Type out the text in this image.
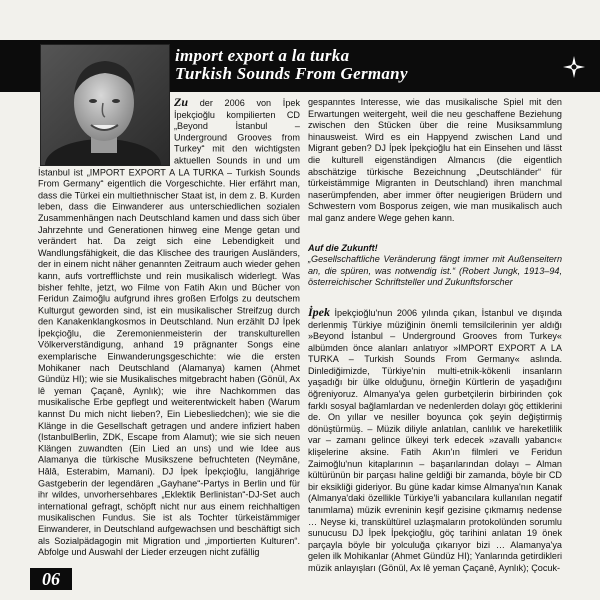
import export a la turka
Turkish Sounds From Germany

Zu der 2006 von İpek İpekçioğlu kompilierten CD „Beyond İstanbul – Underground Grooves from Turkey“ mit den wichtigsten aktuellen Sounds in und um İstanbul ist „IMPORT EXPORT A LA TURKA – Turkish Sounds From Germany“ eigentlich die Vorgeschichte. Hier erfährt man, dass die Türkei ein multiethnischer Staat ist, in dem z. B. Kurden leben, dass die Einwanderer aus unterschiedlichen sozialen Zusammenhängen nach Deutschland kamen und dass sich über Jahrzehnte und Generationen hinweg eine Menge getan und verändert hat. Da zeigt sich eine Lebendigkeit und Wandlungsfähigkeit, die das Klischee des traurigen Ausländers, der in einem nicht näher genannten Zeitraum auch wieder gehen kann, aufs vortrefflichste und rein musikalisch widerlegt. Was bisher fehlte, jetzt, wo Filme von Fatih Akın und Bücher von Feridun Zaimoğlu aufgrund ihres großen Erfolgs zu deutschem Kulturgut geworden sind, ist ein musikalischer Streifzug durch den Kanakenklangkosmos in Deutschland. Nun erzählt DJ İpek İpekçioğlu, die Zeremonienmeisterin der transkulturellen Völkerverständigung, anhand 19 prägnanter Songs eine exemplarische Einwanderungsgeschichte: wie die ersten Mohikaner nach Deutschland (Alamanya) kamen (Ahmet Gündüz HI); wie sie Musikalisches mitgebracht haben (Gönül, Ax lê yeman Çaçanê, Aynlık); wie ihre Nachkommen das musikalische Erbe gepflegt und weiterentwickelt haben (Warum kannst Du mich nicht lieben?, Ein Liebesliedchen); wie sie die Klänge in die Gesellschaft getragen und andere infiziert haben (IstanbulBerlin, ZDK, Escape from Alamut); wie sie sich neuen Klängen zuwandten (Ein Lied an uns) und wie Idee aus Alamanya die türkische Musikszene befruchteten (Neymâne, Hâlâ, Esterabim, Mamani). DJ İpek İpekçioğlu, langjährige Gastgeberin der legendären „Gayhane“-Partys in Berlin und für ihr wildes, unvorhersehbares „Eklektik Berlinistan“-DJ-Set auch international gefragt, schöpft nicht nur aus einem reichhaltigen musikalischen Fundus. Sie ist als Tochter türkeistämmiger Einwanderer, in Deutschland aufgewachsen und beschäftigt sich als Sozialpädagogin mit Migration und „importierten Kulturen“. Abfolge und Auswahl der Lieder erzeugen nicht zufällig

gespanntes Interesse, wie das musikalische Spiel mit den Erwartungen weitergeht, weil die neu geschaffene Beziehung zwischen den Stücken über die reine Musiksammlung hinausweist. Wird es ein Happyend zwischen Land und Migrant geben? DJ İpek İpekçioğlu hat ein Einsehen und lässt die kulturell eigenständigen Almancıs (die eigentlich abschätzige türkische Bezeichnung „Deutschländer“ für türkeistämmige Migranten in Deutschland) ihren manchmal naserümpfenden, aber immer öfter neugierigen Brüdern und Schwestern vom Bosporus zeigen, wie man musikalisch auch mal ganz andere Wege gehen kann.

Auf die Zukunft!

„Gesellschaftliche Veränderung fängt immer mit Außenseitern an, die spüren, was notwendig ist.“ (Robert Jungk, 1913–94, österreichischer Schriftsteller und Zukunftsforscher

İpek İpekçioğlu'nun 2006 yılında çıkan, İstanbul ve dışında derlenmiş Türkiye müziğinin önemli temsilcilerinin yer aldığı »Beyond İstanbul – Underground Grooves from Turkey« albümden önce alanları anlatıyor »IMPORT EXPORT A LA TURKA – Turkish Sounds From Germany« aslında. Dinlediğimizde, Türkiye'nin multi-etnik-kökenli insanların yaşadığı bir ülke olduğunu, örneğin Kürtlerin de yaşadığını öğreniyoruz. Almanya'ya gelen gurbetçilerin birbirinden çok farklı sosyal bağlamlardan ve nedenlerden dolayı göç ettiklerini de. On yıllar ve nesiller boyunca çok şeyin değiştirmiş dönüştürmüş. – Müzik diliyle anlatılan, canlılık ve hareketlilik var – zamanı gelince ülkeyi terk edecek »zavallı yabancı« klişelerine aksine. Fatih Akın'ın filmleri ve Feridun Zaimoğlu'nun kitaplarının – başarılarından dolayı – Alman kültürünün bir parçası haline geldiği bir zamanda, böyle bir CD bir eksikliği gideriyor. Bu güne kadar kimse Almanya'nın Kanak (Almanya'daki özellikle Türkiye'li yabancılara kullanılan negatif tanımlama) müzik evreninin keşif gezisine çıkmamış nedense … Neyse ki, transkültürel uzlaşmaların protokolünden sorumlu sunucusu DJ İpek İpekçioğlu, göç tarihini anlatan 19 önek parçayla böyle bir yolculuğa çıkarıyor bizi … Alamanya'ya gelen ilk Mohikanlar (Ahmet Gündüz HI); Yanlarında getirdikleri müzik anlayışları (Gönül, Ax lê yeman Çaçanê, Aynlık); Çocuk-

06
